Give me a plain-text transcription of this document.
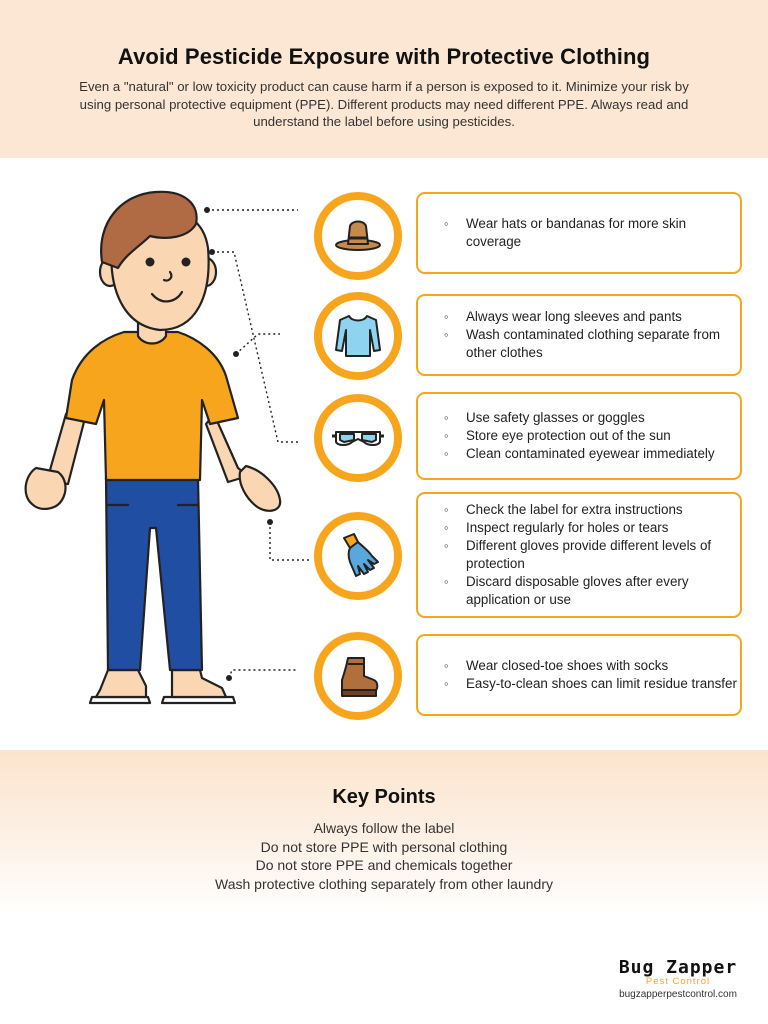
Avoid Pesticide Exposure with Protective Clothing

Even a "natural" or low toxicity product can cause harm if a person is exposed to it. Minimize your risk by using personal protective equipment (PPE). Different products may need different PPE. Always read and understand the label before using pesticides.

◦ Wear hats or bandanas for more skin coverage
◦ Always wear long sleeves and pants
◦ Wash contaminated clothing separate from other clothes
◦ Use safety glasses or goggles
◦ Store eye protection out of the sun
◦ Clean contaminated eyewear immediately
◦ Check the label for extra instructions
◦ Inspect regularly for holes or tears
◦ Different gloves provide different levels of protection
◦ Discard disposable gloves after every application or use
◦ Wear closed-toe shoes with socks
◦ Easy-to-clean shoes can limit residue transfer
Key Points
Always follow the label
Do not store PPE with personal clothing
Do not store PPE and chemicals together
Wash protective clothing separately from other laundry
Bug Zapper
Pest Control
bugzapperpestcontrol.com
